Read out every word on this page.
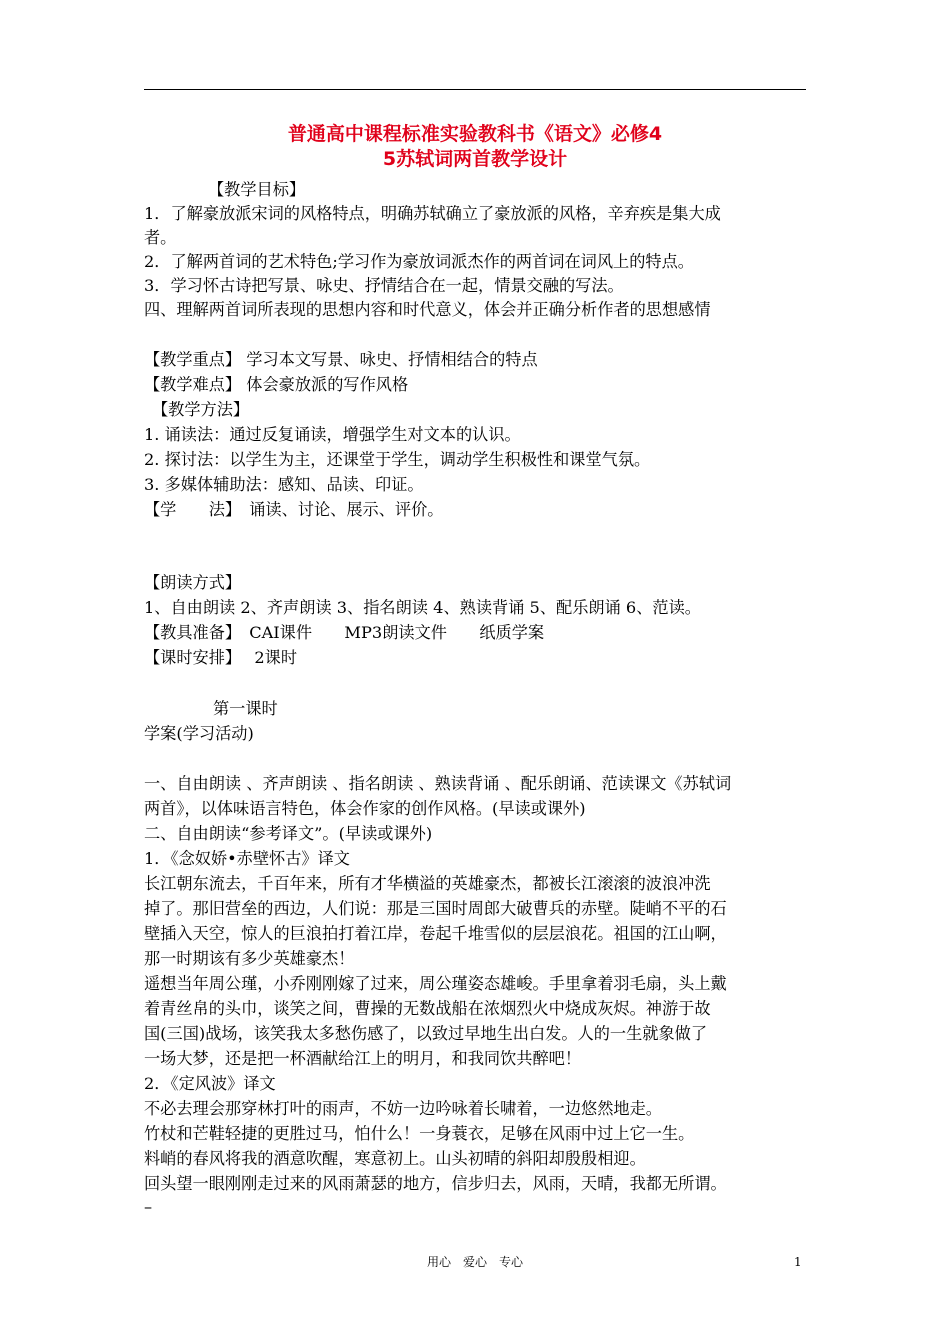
普通高中课程标准实验教科书《语文》必修4
5苏轼词两首教学设计
【教学目标】
1．了解豪放派宋词的风格特点，明确苏轼确立了豪放派的风格，辛弃疾是集大成
者。
2．了解两首词的艺术特色;学习作为豪放词派杰作的两首词在词风上的特点。
3．学习怀古诗把写景、咏史、抒情结合在一起，情景交融的写法。
四、理解两首词所表现的思想内容和时代意义，体会并正确分析作者的思想感情
【教学重点】 学习本文写景、咏史、抒情相结合的特点
【教学难点】 体会豪放派的写作风格
【教学方法】
1. 诵读法：通过反复诵读，增强学生对文本的认识。
2. 探讨法：以学生为主，还课堂于学生，调动学生积极性和课堂气氛。
3. 多媒体辅助法：感知、品读、印证。
【学　　法】　诵读、讨论、展示、评价。
【朗读方式】
1、自由朗读 2、齐声朗读 3、指名朗读 4、熟读背诵 5、配乐朗诵 6、范读。
【教具准备】　CAI课件　　MP3朗读文件　　纸质学案
【课时安排】　 2课时
第一课时
学案(学习活动)
一、自由朗读 、齐声朗读 、指名朗读 、熟读背诵 、配乐朗诵、范读课文《苏轼词
两首》，以体味语言特色，体会作家的创作风格。(早读或课外)
二、自由朗读“参考译文”。(早读或课外)
1．《念奴娇•赤壁怀古》译文
长江朝东流去，千百年来，所有才华横溢的英雄豪杰，都被长江滚滚的波浪冲洗
掉了。那旧营垒的西边，人们说：那是三国时周郎大破曹兵的赤壁。陡峭不平的石
壁插入天空，惊人的巨浪拍打着江岸，卷起千堆雪似的层层浪花。祖国的江山啊，
那一时期该有多少英雄豪杰！
遥想当年周公瑾，小乔刚刚嫁了过来，周公瑾姿态雄峻。手里拿着羽毛扇，头上戴
着青丝帛的头巾，谈笑之间，曹操的无数战船在浓烟烈火中烧成灰烬。神游于故
国(三国)战场，该笑我太多愁伤感了，以致过早地生出白发。人的一生就象做了
一场大梦，还是把一杯酒献给江上的明月，和我同饮共醉吧！
2．《定风波》译文
不必去理会那穿林打叶的雨声，不妨一边吟咏着长啸着，一边悠然地走。
竹杖和芒鞋轻捷的更胜过马，怕什么！一身蓑衣，足够在风雨中过上它一生。
料峭的春风将我的酒意吹醒，寒意初上。山头初晴的斜阳却殷殷相迎。
回头望一眼刚刚走过来的风雨萧瑟的地方，信步归去，风雨，天晴，我都无所谓。
–
用心　爱心　专心	1
